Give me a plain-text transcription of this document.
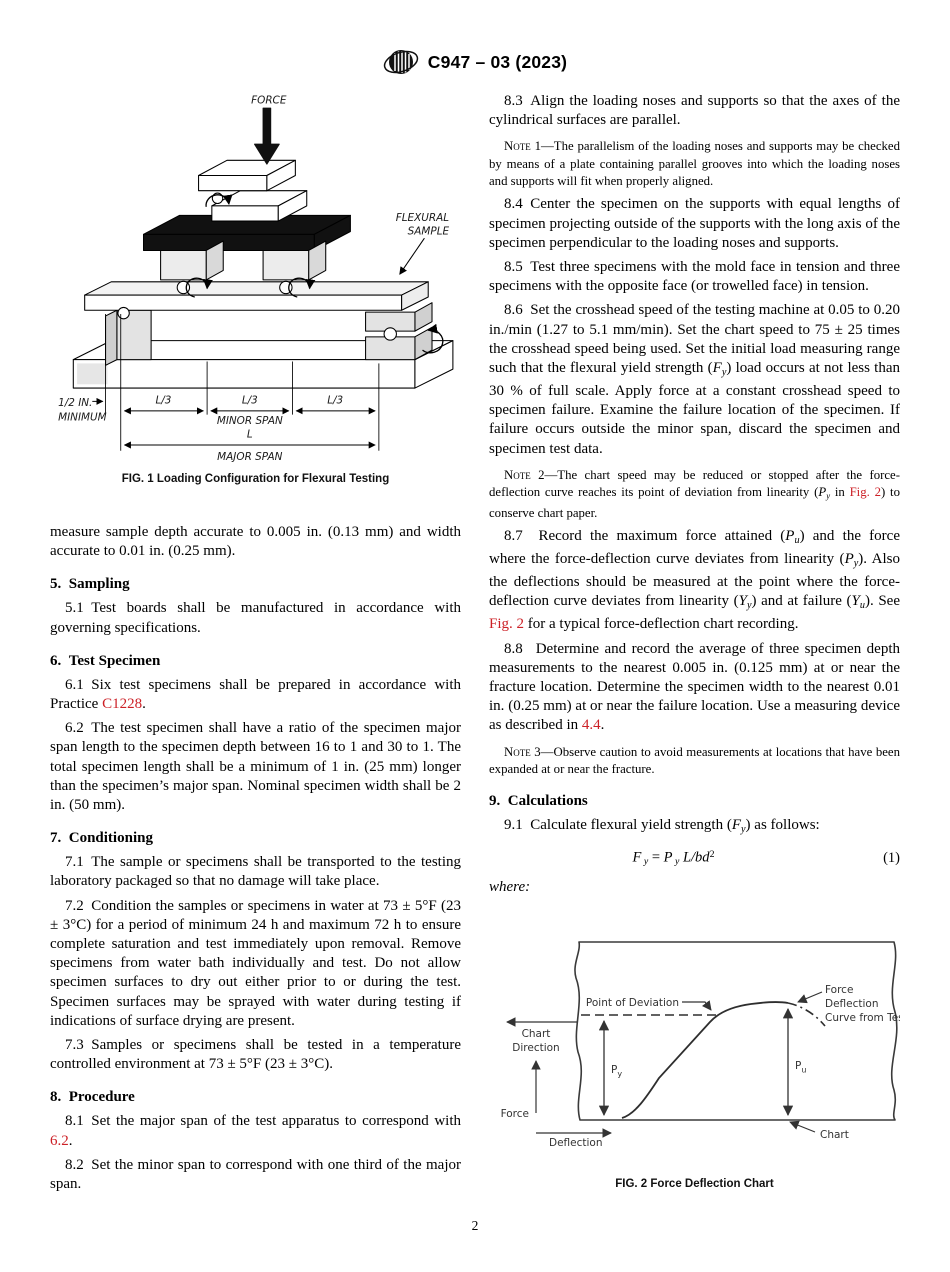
C947 – 03 (2023)
FORCE
FLEXURAL
SAMPLE
1/2 IN.
MINIMUM
L/3	L/3	L/3
MINOR SPAN
L
MAJOR SPAN
FIG. 1 Loading Configuration for Flexural Testing

measure sample depth accurate to 0.005 in. (0.13 mm) and width accurate to 0.01 in. (0.25 mm).

5. Sampling

5.1 Test boards shall be manufactured in accordance with governing specifications.

6. Test Specimen

6.1 Six test specimens shall be prepared in accordance with Practice C1228.

6.2 The test specimen shall have a ratio of the specimen major span length to the specimen depth between 16 to 1 and 30 to 1. The total specimen length shall be a minimum of 1 in. (25 mm) longer than the specimen’s major span. Nominal specimen width shall be 2 in. (50 mm).

7. Conditioning

7.1 The sample or specimens shall be transported to the testing laboratory packaged so that no damage will take place.

7.2 Condition the samples or specimens in water at 73 ± 5°F (23 ± 3°C) for a period of minimum 24 h and maximum 72 h to ensure complete saturation and test immediately upon removal. Remove specimens from water bath individually and test. Do not allow specimen surfaces to dry out either prior to or during the test. Specimen surfaces may be sprayed with water during testing if indications of surface drying are present.

7.3 Samples or specimens shall be tested in a temperature controlled environment at 73 ± 5°F (23 ± 3°C).

8. Procedure

8.1 Set the major span of the test apparatus to correspond with 6.2.

8.2 Set the minor span to correspond with one third of the major span.

8.3 Align the loading noses and supports so that the axes of the cylindrical surfaces are parallel.

Note 1—The parallelism of the loading noses and supports may be checked by means of a plate containing parallel grooves into which the loading noses and supports will fit when properly aligned.

8.4 Center the specimen on the supports with equal lengths of specimen projecting outside of the supports with the long axis of the specimen perpendicular to the loading noses and supports.

8.5 Test three specimens with the mold face in tension and three specimens with the opposite face (or trowelled face) in tension.

8.6 Set the crosshead speed of the testing machine at 0.05 to 0.20 in./min (1.27 to 5.1 mm/min). Set the chart speed to 75 ± 25 times the crosshead speed being used. Set the initial load measuring range such that the flexural yield strength $(F_y)$ load occurs at not less than 30 % of full scale. Apply force at a constant crosshead speed to specimen failure. Examine the failure location of the specimen. If failure occurs outside the minor span, discard the specimen and specimen test data.

Note 2—The chart speed may be reduced or stopped after the force-deflection curve reaches its point of deviation from linearity ($P_y$ in Fig. 2) to conserve chart paper.

8.7  Record the maximum force attained $(P_u)$ and the force where the force-deflection curve deviates from linearity $(P_y)$. Also the deflections should be measured at the point where the force-deflection curve deviates from linearity $(Y_y)$ and at failure $(Y_u)$. See Fig. 2 for a typical force-deflection chart recording.

8.8  Determine and record the average of three specimen depth measurements to the nearest 0.005 in. (0.125 mm) at or near the fracture location. Determine the specimen width to the nearest 0.01 in. (0.25 mm) at or near the failure location. Use a measuring device as described in 4.4.

Note 3—Observe caution to avoid measurements at locations that have been expanded at or near the fracture.

9. Calculations

9.1 Calculate flexural yield strength $(F_y)$ as follows:

F $_y$ = P $_y$ $L/bd^2$	(1)
where:
Point of Deviation
Force
Deflection
Curve from Test
Chart
Direction
$P_y$
$P_u$
Force
Deflection
Chart
FIG. 2 Force Deflection Chart
2
